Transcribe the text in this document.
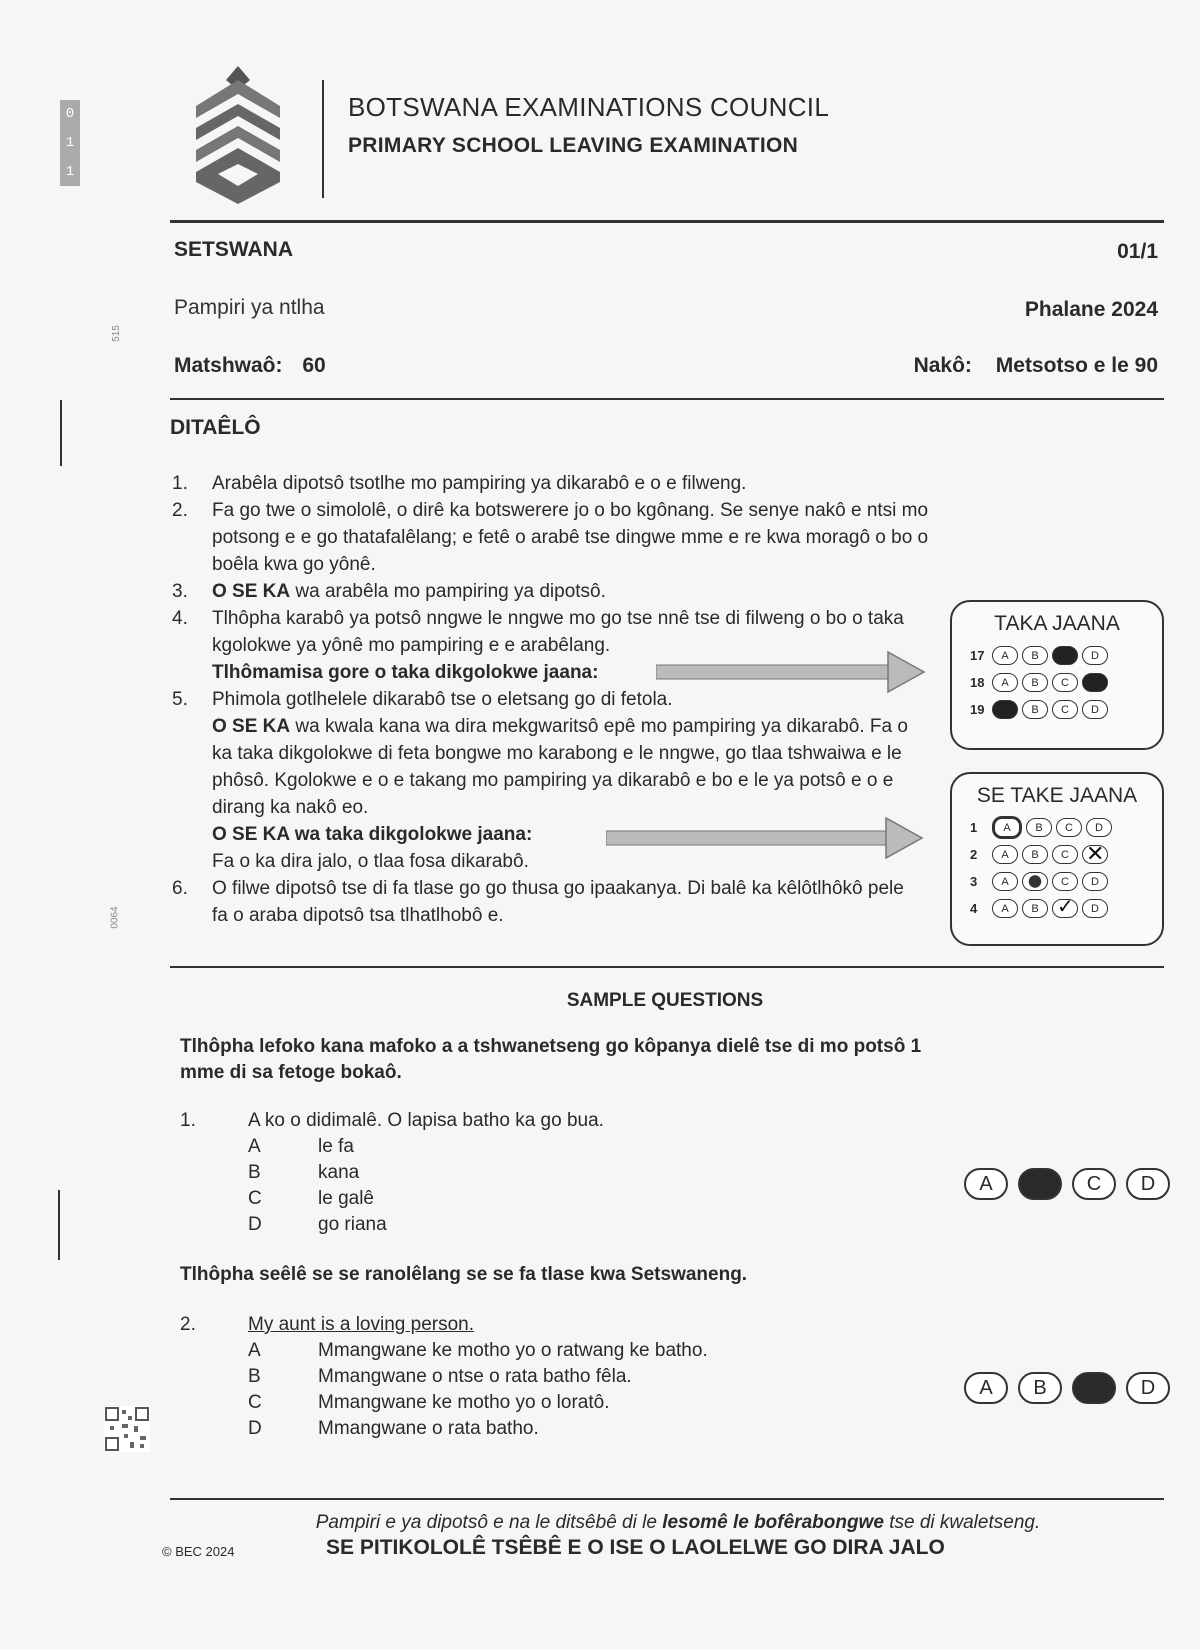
0
1
1
515
0064
BOTSWANA EXAMINATIONS COUNCIL
PRIMARY SCHOOL LEAVING EXAMINATION
SETSWANA	01/1
Pampiri ya ntlha	Phalane 2024
Matshwaô: 60	Nakô: Metsotso e le 90
DITAÊLÔ
1. Arabêla dipotsô tsotlhe mo pampiring ya dikarabô e o e filweng.
2. Fa go twe o simololê, o dirê ka botswerere jo o bo kgônang. Se senye nakô e ntsi mo potsong e e go thatafalêlang; e fetê o arabê tse dingwe mme e re kwa moragô o bo o boêla kwa go yônê.
3. O SE KA wa arabêla mo pampiring ya dipotsô.
4. Tlhôpha karabô ya potsô nngwe le nngwe mo go tse nnê tse di filweng o bo o taka kgolokwe ya yônê mo pampiring e e arabêlang.
Tlhômamisa gore o taka dikgolokwe jaana:
5. Phimola gotlhelele dikarabô tse o eletsang go di fetola.
O SE KA wa kwala kana wa dira mekgwaritsô epê mo pampiring ya dikarabô. Fa o ka taka dikgolokwe di feta bongwe mo karabong e le nngwe, go tlaa tshwaiwa e le phôsô. Kgolokwe e o e takang mo pampiring ya dikarabô e bo e le ya potsô e o e dirang ka nakô eo.
O SE KA wa taka dikgolokwe jaana:
Fa o ka dira jalo, o tlaa fosa dikarabô.
6. O filwe dipotsô tse di fa tlase go go thusa go ipaakanya. Di balê ka kêlôtlhôkô pele fa o araba dipotsô tsa tlhatlhobô e.
TAKA JAANA
17	A	B	D
18	A	B	C
19	B	C	D
SE TAKE JAANA
1	A	B	C	D
2	A	B	C
✕
3	A	C	D
4	A	B
✓	D
SAMPLE QUESTIONS
Tlhôpha lefoko kana mafoko a a tshwanetseng go kôpanya dielê tse di mo potsô 1 mme di sa fetoge bokaô.
1.	A ko o didimalê. O lapisa batho ka go bua.
A	le fa
B	kana
C	le galê
D	go riana
A	C	D
Tlhôpha seêlê se se ranolêlang se se fa tlase kwa Setswaneng.
2.	My aunt is a loving person.
A	Mmangwane ke motho yo o ratwang ke batho.
B	Mmangwane o ntse o rata batho fêla.
C	Mmangwane ke motho yo o loratô.
D	Mmangwane o rata batho.
A	B	D
Pampiri e ya dipotsô e na le ditsêbê di le lesomê le bofêrabongwe tse di kwaletseng.
© BEC 2024	SE PITIKOLOLÊ TSÊBÊ E O ISE O LAOLELWE GO DIRA JALO
